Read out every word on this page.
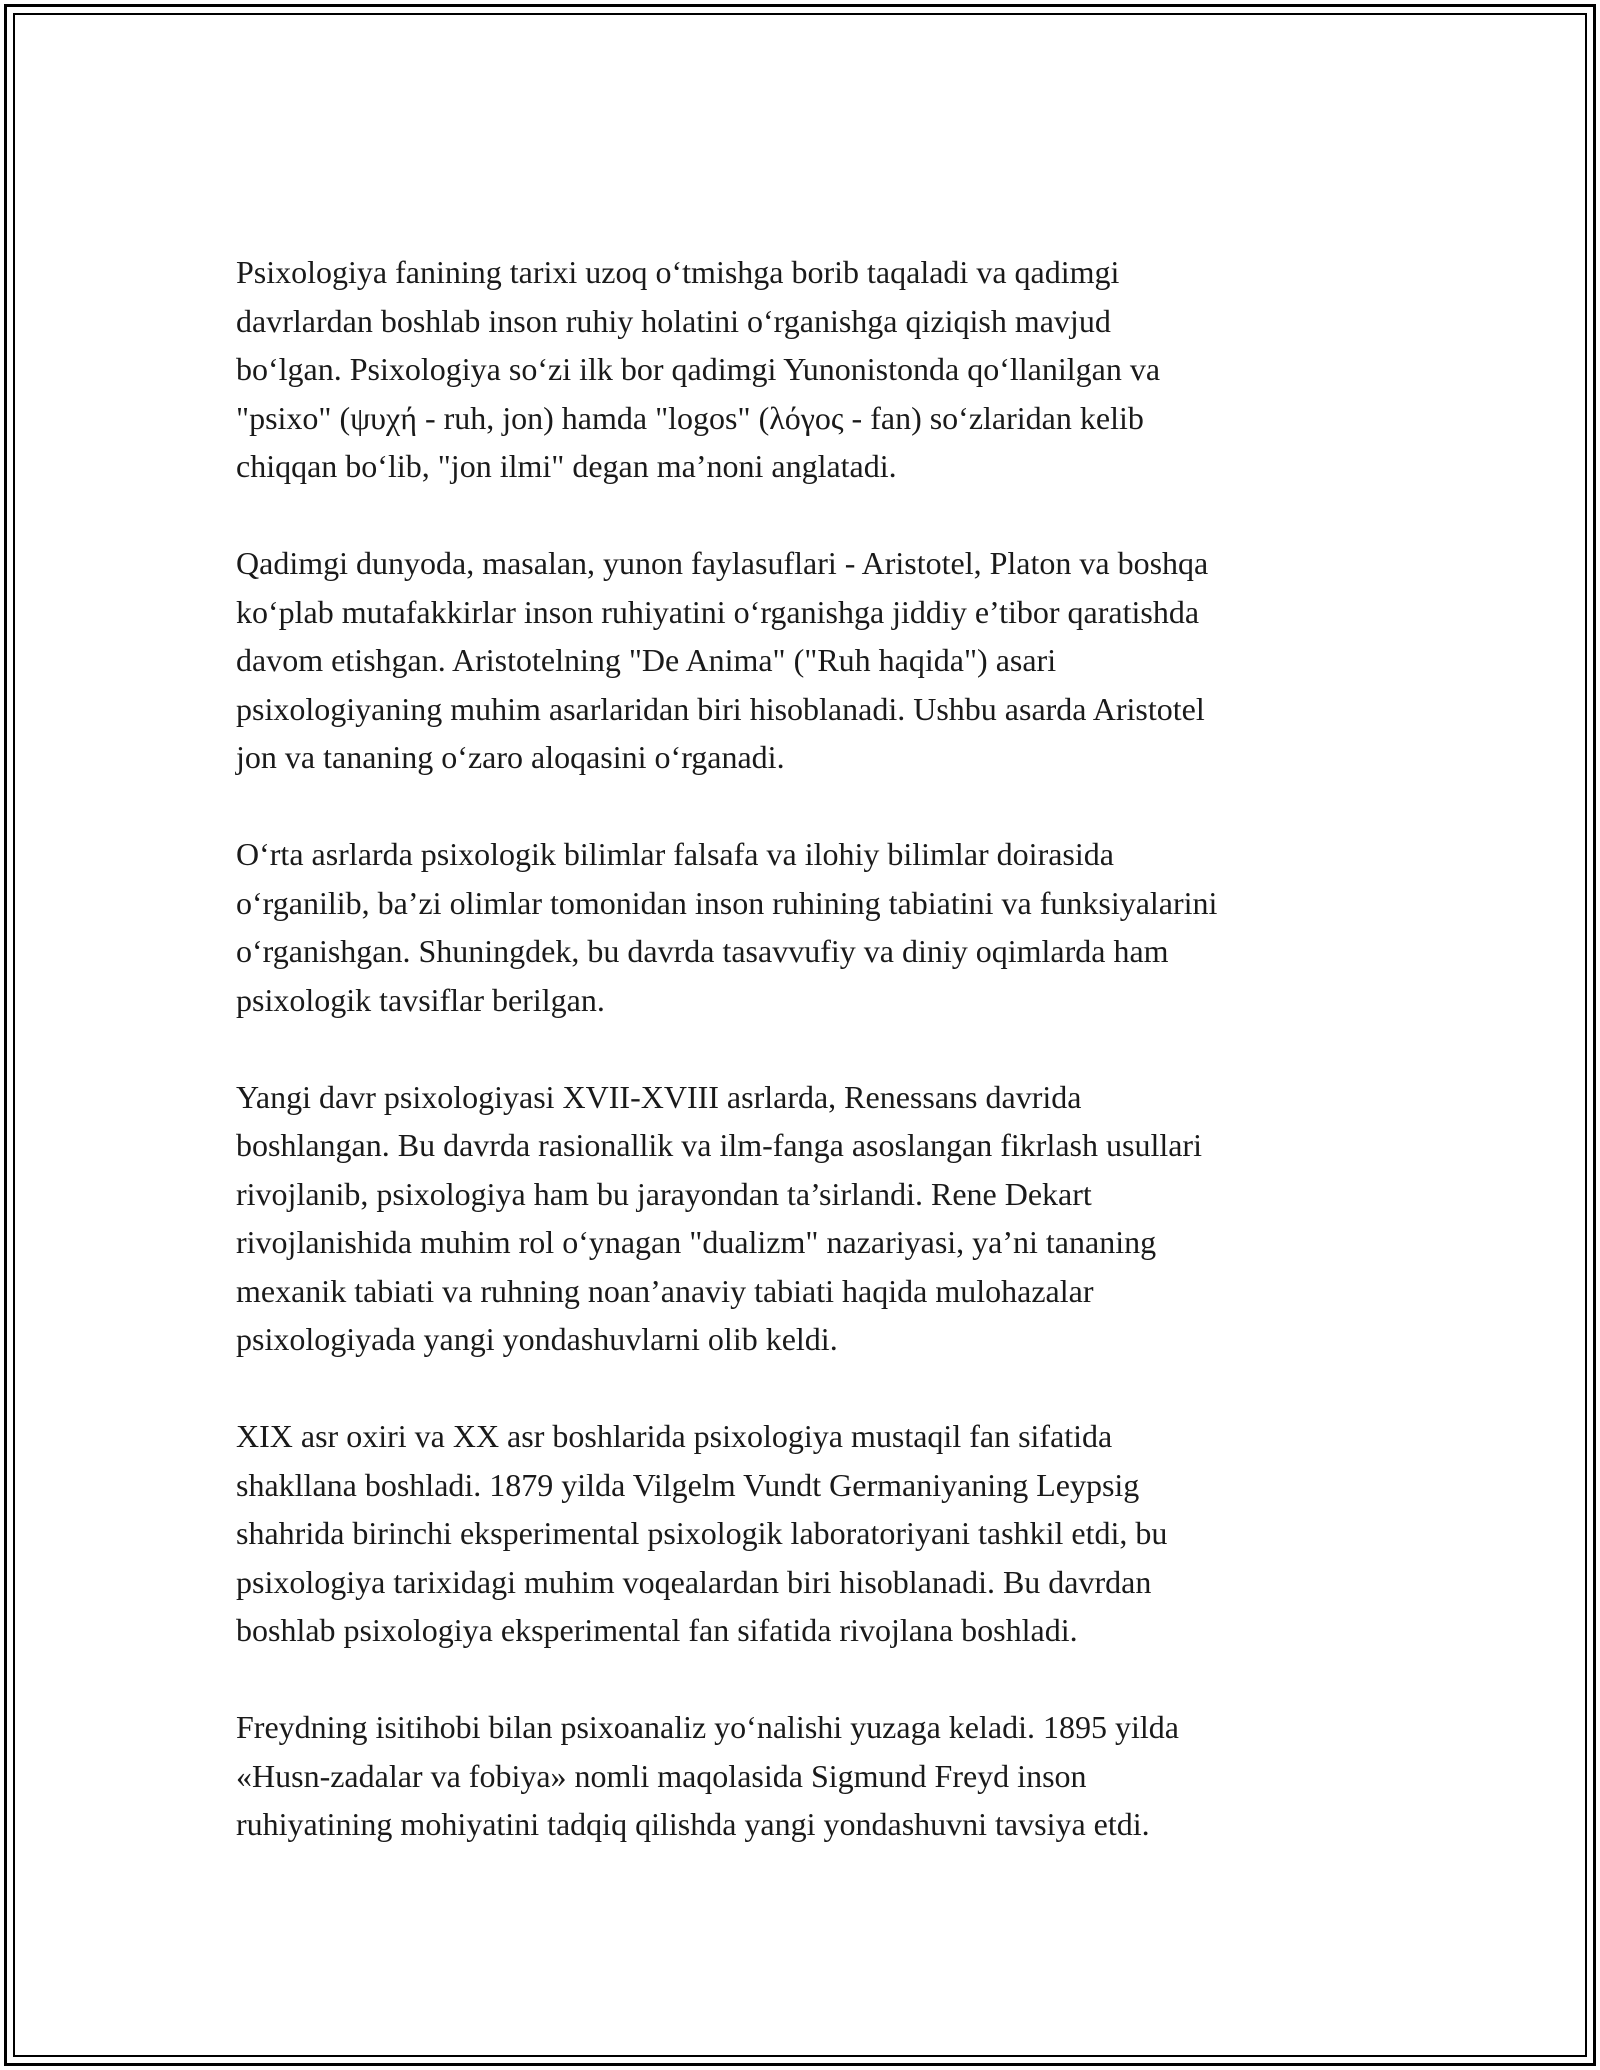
Psixologiya fanining tarixi uzoq o‘tmishga borib taqaladi va qadimgi
davrlardan boshlab inson ruhiy holatini o‘rganishga qiziqish mavjud
bo‘lgan. Psixologiya so‘zi ilk bor qadimgi Yunonistonda qo‘llanilgan va
"psixo" (ψυχή - ruh, jon) hamda "logos" (λόγος - fan) so‘zlaridan kelib
chiqqan bo‘lib, "jon ilmi" degan ma’noni anglatadi.

Qadimgi dunyoda, masalan, yunon faylasuflari - Aristotel, Platon va boshqa
ko‘plab mutafakkirlar inson ruhiyatini o‘rganishga jiddiy e’tibor qaratishda
davom etishgan. Aristotelning "De Anima" ("Ruh haqida") asari
psixologiyaning muhim asarlaridan biri hisoblanadi. Ushbu asarda Aristotel
jon va tananing o‘zaro aloqasini o‘rganadi.

O‘rta asrlarda psixologik bilimlar falsafa va ilohiy bilimlar doirasida
o‘rganilib, ba’zi olimlar tomonidan inson ruhining tabiatini va funksiyalarini
o‘rganishgan. Shuningdek, bu davrda tasavvufiy va diniy oqimlarda ham
psixologik tavsiflar berilgan.

Yangi davr psixologiyasi XVII-XVIII asrlarda, Renessans davrida
boshlangan. Bu davrda rasionallik va ilm-fanga asoslangan fikrlash usullari
rivojlanib, psixologiya ham bu jarayondan ta’sirlandi. Rene Dekart
rivojlanishida muhim rol o‘ynagan "dualizm" nazariyasi, ya’ni tananing
mexanik tabiati va ruhning noan’anaviy tabiati haqida mulohazalar
psixologiyada yangi yondashuvlarni olib keldi.

XIX asr oxiri va XX asr boshlarida psixologiya mustaqil fan sifatida
shakllana boshladi. 1879 yilda Vilgelm Vundt Germaniyaning Leypsig
shahrida birinchi eksperimental psixologik laboratoriyani tashkil etdi, bu
psixologiya tarixidagi muhim voqealardan biri hisoblanadi. Bu davrdan
boshlab psixologiya eksperimental fan sifatida rivojlana boshladi.

Freydning isitihobi bilan psixoanaliz yo‘nalishi yuzaga keladi. 1895 yilda
«Husn-zadalar va fobiya» nomli maqolasida Sigmund Freyd inson
ruhiyatining mohiyatini tadqiq qilishda yangi yondashuvni tavsiya etdi.
